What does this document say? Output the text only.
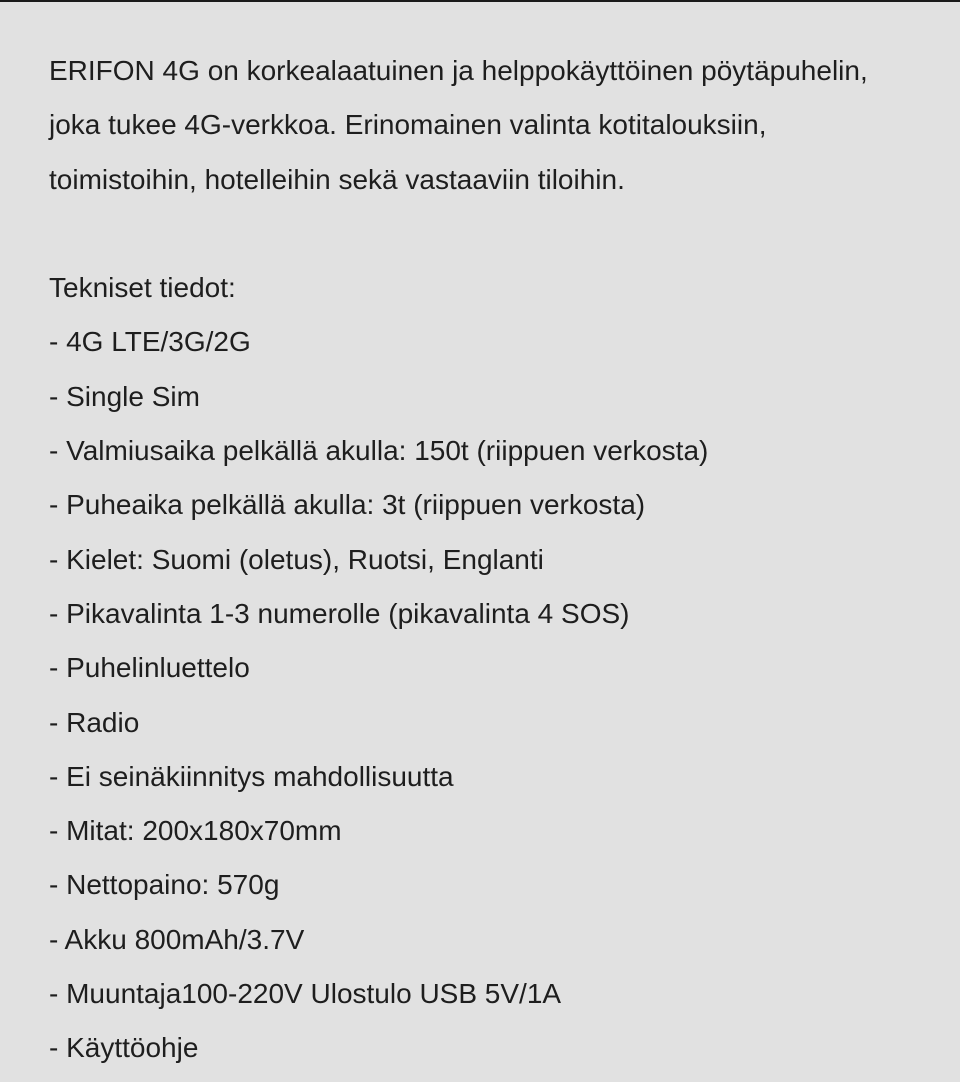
ERIFON 4G on korkealaatuinen ja helppokäyttöinen pöytäpuhelin,
joka tukee 4G-verkkoa. Erinomainen valinta kotitalouksiin,
toimistoihin, hotelleihin sekä vastaaviin tiloihin.
Tekniset tiedot:
- 4G LTE/3G/2G
- Single Sim
- Valmiusaika pelkällä akulla: 150t (riippuen verkosta)
- Puheaika pelkällä akulla: 3t (riippuen verkosta)
- Kielet: Suomi (oletus), Ruotsi, Englanti
- Pikavalinta 1-3 numerolle (pikavalinta 4 SOS)
- Puhelinluettelo
- Radio
- Ei seinäkiinnitys mahdollisuutta
- Mitat: 200x180x70mm
- Nettopaino: 570g
- Akku 800mAh/3.7V
- Muuntaja100-220V Ulostulo USB 5V/1A
- Käyttöohje
